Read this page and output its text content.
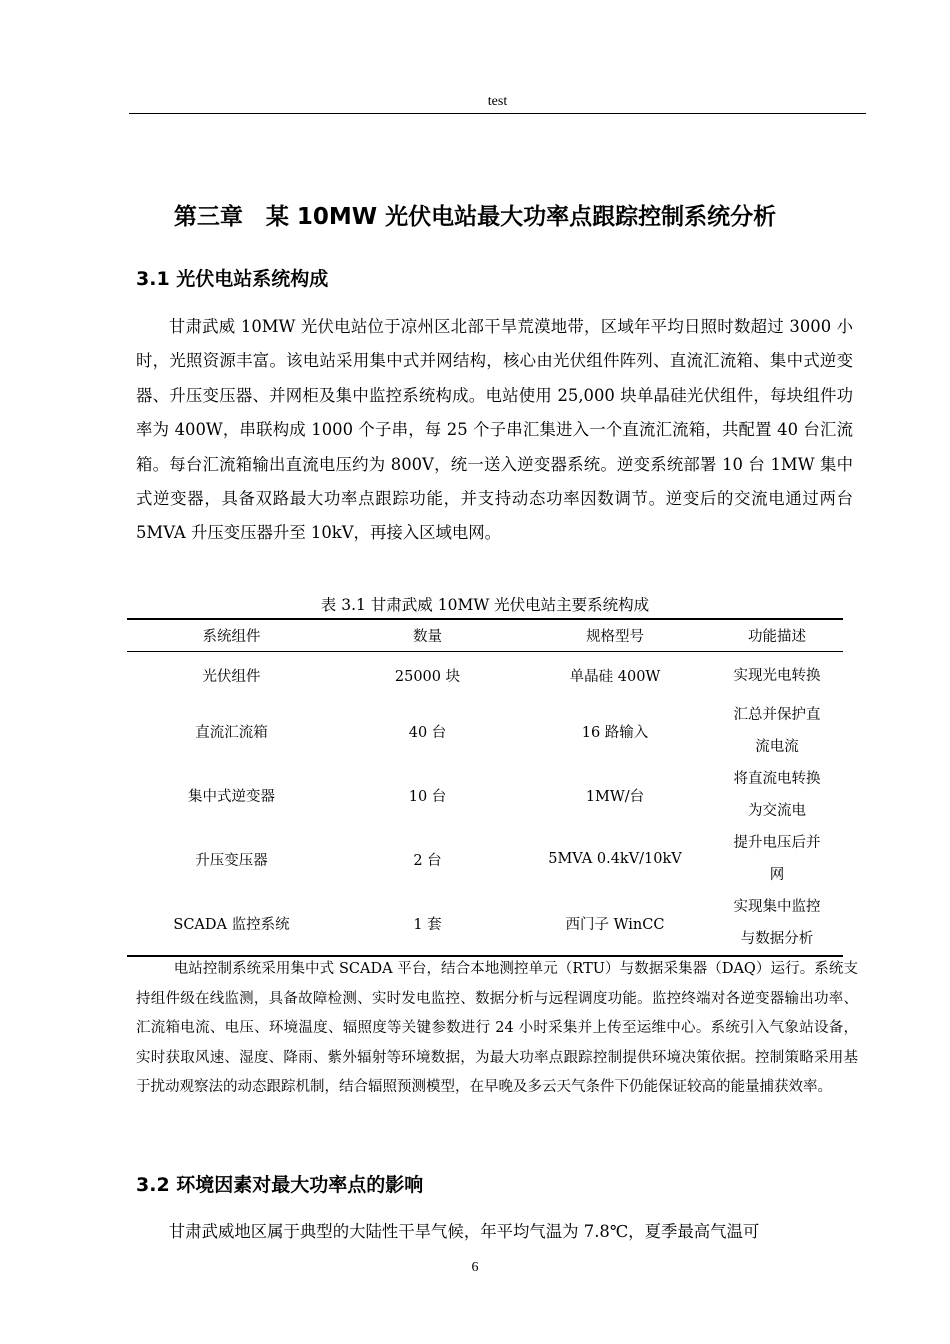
test
第三章　某 10MW 光伏电站最大功率点跟踪控制系统分析
3.1 光伏电站系统构成

甘肃武威 10MW 光伏电站位于凉州区北部干旱荒漠地带，区域年平均日照时数超过 3000 小时，光照资源丰富。该电站采用集中式并网结构，核心由光伏组件阵列、直流汇流箱、集中式逆变器、升压变压器、并网柜及集中监控系统构成。电站使用 25,000 块单晶硅光伏组件，每块组件功率为 400W，串联构成 1000 个子串，每 25 个子串汇集进入一个直流汇流箱，共配置 40 台汇流箱。每台汇流箱输出直流电压约为 800V，统一送入逆变器系统。逆变系统部署 10 台 1MW 集中式逆变器，具备双路最大功率点跟踪功能，并支持动态功率因数调节。逆变后的交流电通过两台 5MVA 升压变压器升至 10kV，再接入区域电网。

表 3.1 甘肃武威 10MW 光伏电站主要系统构成

系统组件	数量	规格型号	功能描述
光伏组件	25000 块	单晶硅 400W	实现光电转换
直流汇流箱	40 台	16 路输入	汇总并保护直流电流
集中式逆变器	10 台	1MW/台	将直流电转换为交流电
升压变压器	2 台	5MVA 0.4kV/10kV	提升电压后并网
SCADA 监控系统	1 套	西门子 WinCC	实现集中监控与数据分析

电站控制系统采用集中式 SCADA 平台，结合本地测控单元（RTU）与数据采集器（DAQ）运行。系统支持组件级在线监测，具备故障检测、实时发电监控、数据分析与远程调度功能。监控终端对各逆变器输出功率、汇流箱电流、电压、环境温度、辐照度等关键参数进行 24 小时采集并上传至运维中心。系统引入气象站设备，实时获取风速、湿度、降雨、紫外辐射等环境数据，为最大功率点跟踪控制提供环境决策依据。控制策略采用基于扰动观察法的动态跟踪机制，结合辐照预测模型，在早晚及多云天气条件下仍能保证较高的能量捕获效率。

3.2 环境因素对最大功率点的影响

甘肃武威地区属于典型的大陆性干旱气候，年平均气温为 7.8℃，夏季最高气温可

6
